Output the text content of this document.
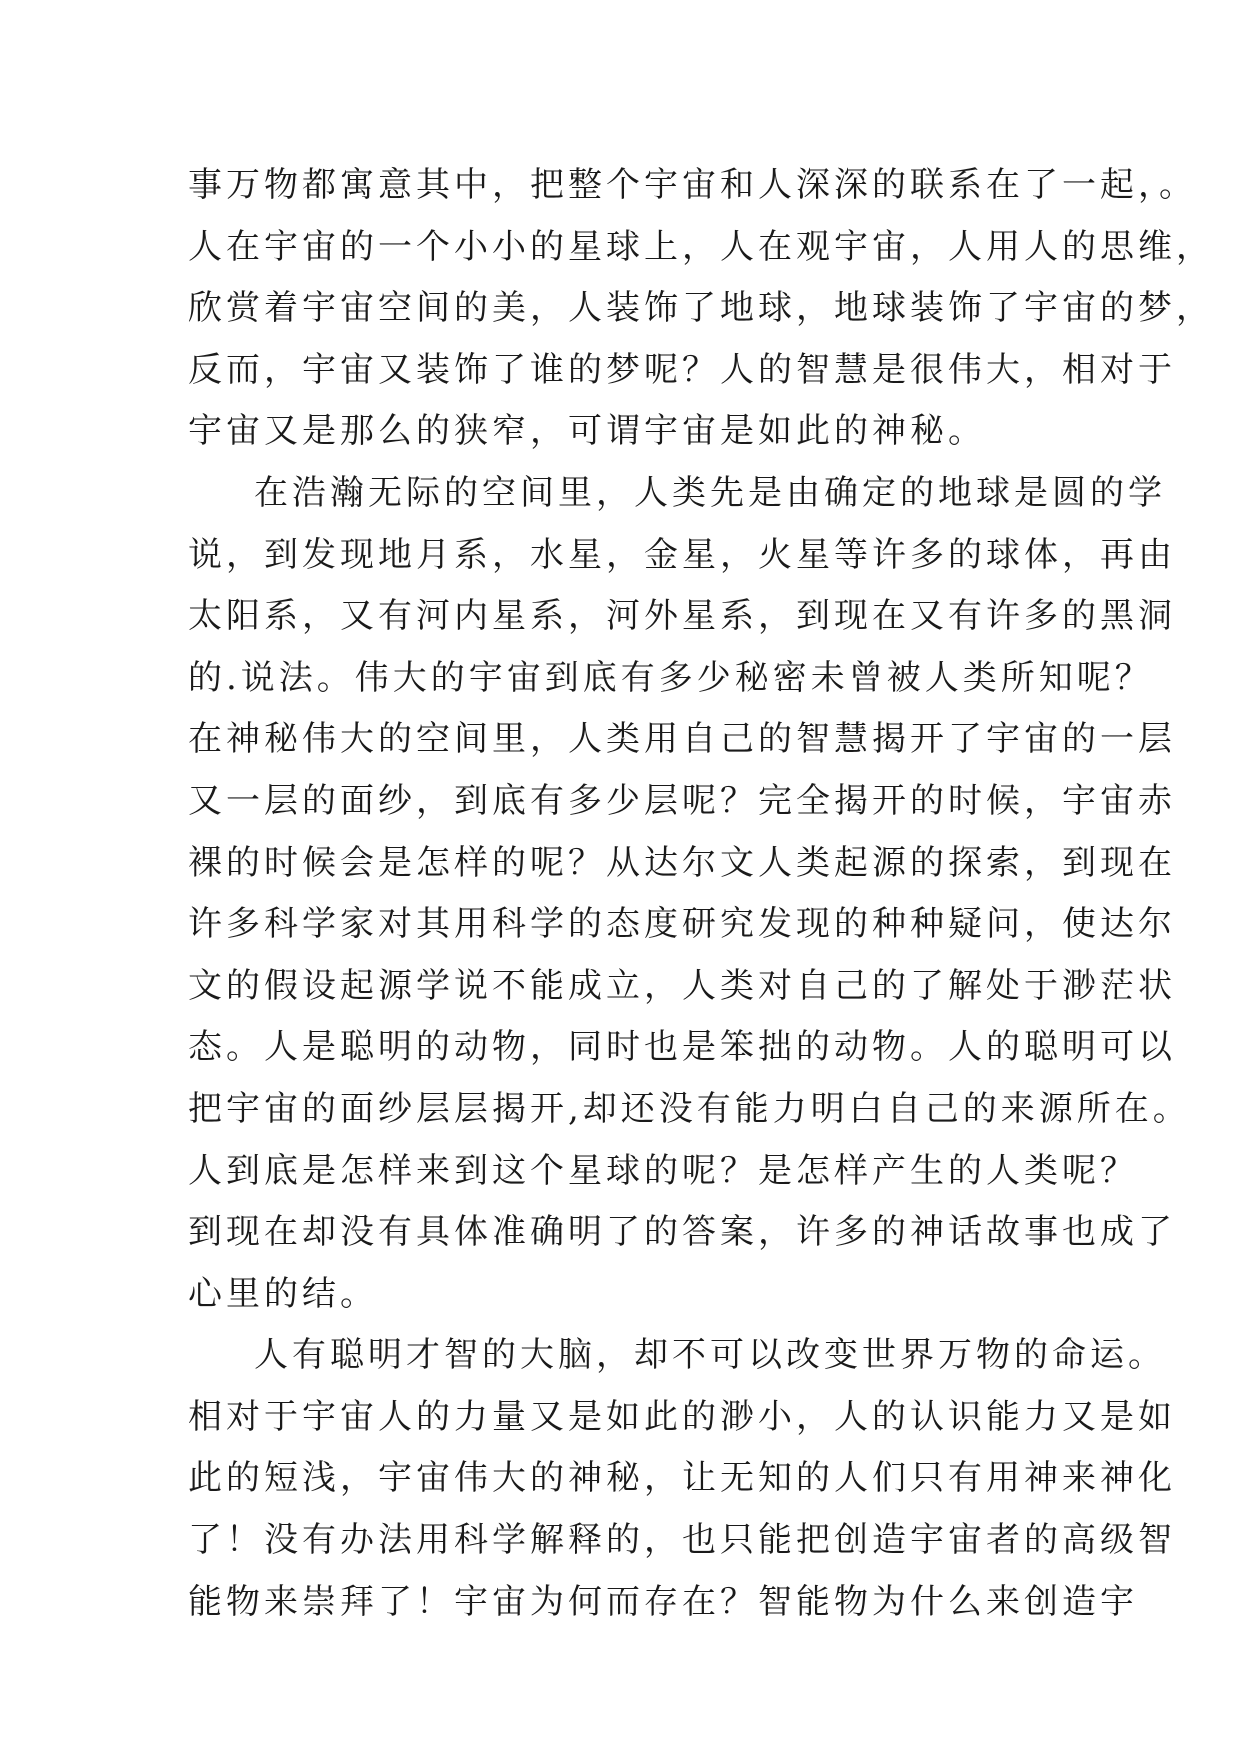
事万物都寓意其中，把整个宇宙和人深深的联系在了一起，。
人在宇宙的一个小小的星球上，人在观宇宙，人用人的思维，
欣赏着宇宙空间的美，人装饰了地球，地球装饰了宇宙的梦，
反而，宇宙又装饰了谁的梦呢？人的智慧是很伟大，相对于
宇宙又是那么的狭窄，可谓宇宙是如此的神秘。
在浩瀚无际的空间里，人类先是由确定的地球是圆的学
说，到发现地月系，水星，金星，火星等许多的球体，再由
太阳系，又有河内星系，河外星系，到现在又有许多的黑洞
的.说法。伟大的宇宙到底有多少秘密未曾被人类所知呢？
在神秘伟大的空间里，人类用自己的智慧揭开了宇宙的一层
又一层的面纱，到底有多少层呢？完全揭开的时候，宇宙赤
裸的时候会是怎样的呢？从达尔文人类起源的探索，到现在
许多科学家对其用科学的态度研究发现的种种疑问，使达尔
文的假设起源学说不能成立，人类对自己的了解处于渺茫状
态。人是聪明的动物，同时也是笨拙的动物。人的聪明可以
把宇宙的面纱层层揭开,却还没有能力明白自己的来源所在。
人到底是怎样来到这个星球的呢？是怎样产生的人类呢？
到现在却没有具体准确明了的答案，许多的神话故事也成了
心里的结。
人有聪明才智的大脑，却不可以改变世界万物的命运。
相对于宇宙人的力量又是如此的渺小，人的认识能力又是如
此的短浅，宇宙伟大的神秘，让无知的人们只有用神来神化
了！没有办法用科学解释的，也只能把创造宇宙者的高级智
能物来崇拜了！宇宙为何而存在？智能物为什么来创造宇
